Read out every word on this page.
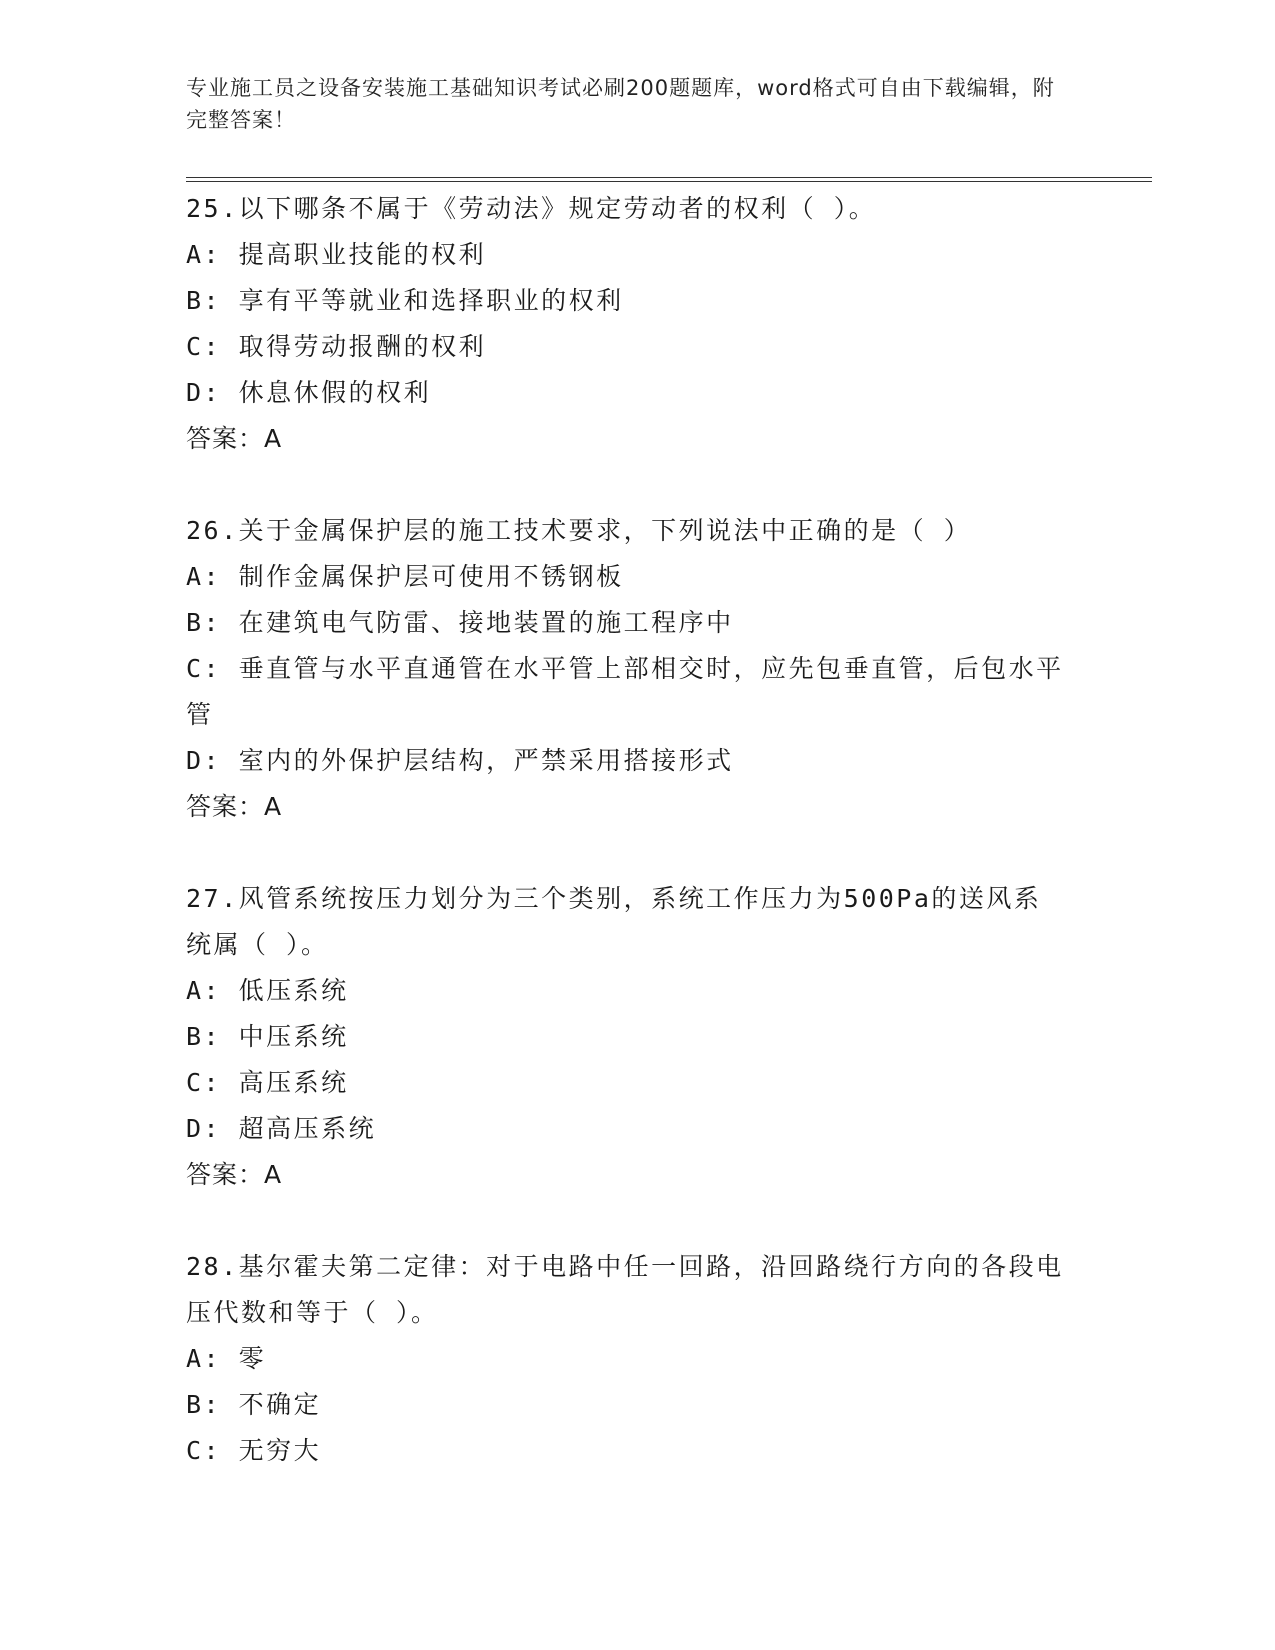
专业施工员之设备安装施工基础知识考试必刷200题题库，word格式可自由下载编辑，附完整答案！

25.以下哪条不属于《劳动法》规定劳动者的权利（ ）。

A: 提高职业技能的权利

B: 享有平等就业和选择职业的权利

C: 取得劳动报酬的权利

D: 休息休假的权利

答案：A

26.关于金属保护层的施工技术要求，下列说法中正确的是（ ）

A: 制作金属保护层可使用不锈钢板

B: 在建筑电气防雷、接地装置的施工程序中

C: 垂直管与水平直通管在水平管上部相交时，应先包垂直管，后包水平管

D: 室内的外保护层结构，严禁采用搭接形式

答案：A

27.风管系统按压力划分为三个类别，系统工作压力为500Pa的送风系统属（ ）。

A: 低压系统

B: 中压系统

C: 高压系统

D: 超高压系统

答案：A

28.基尔霍夫第二定律：对于电路中任一回路，沿回路绕行方向的各段电压代数和等于（ ）。

A: 零

B: 不确定

C: 无穷大
